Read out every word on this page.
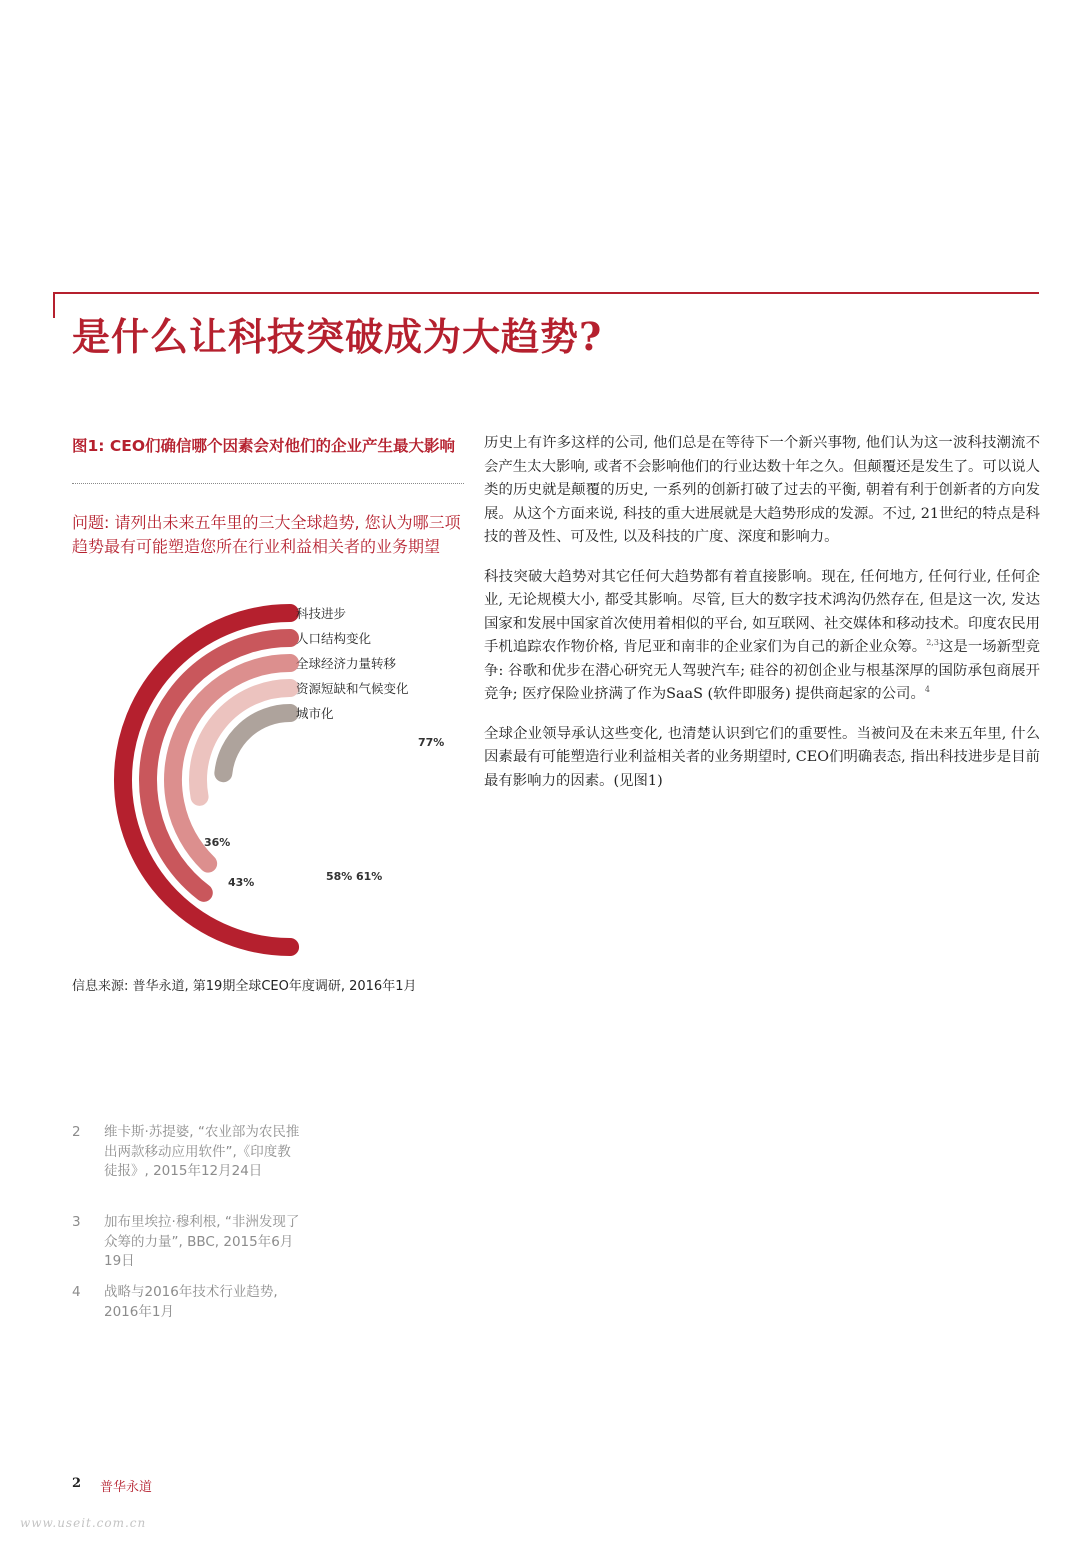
是什么让科技突破成为大趋势?
图1: CEO们确信哪个因素会对他们的企业产生最大影响

问题: 请列出未来五年里的三大全球趋势, 您认为哪三项趋势最有可能塑造您所在行业利益相关者的业务期望

科技进步
人口结构变化
全球经济力量转移
资源短缺和气候变化
城市化
77%
61%
58%
43%
36%

信息来源: 普华永道, 第19期全球CEO年度调研, 2016年1月

历史上有许多这样的公司, 他们总是在等待下一个新兴事物, 他们认为这一波科技潮流不会产生太大影响, 或者不会影响他们的行业达数十年之久。但颠覆还是发生了。可以说人类的历史就是颠覆的历史, 一系列的创新打破了过去的平衡, 朝着有利于创新者的方向发展。从这个方面来说, 科技的重大进展就是大趋势形成的发源。不过, 21世纪的特点是科技的普及性、可及性, 以及科技的广度、深度和影响力。

科技突破大趋势对其它任何大趋势都有着直接影响。现在, 任何地方, 任何行业, 任何企业, 无论规模大小, 都受其影响。尽管, 巨大的数字技术鸿沟仍然存在, 但是这一次, 发达国家和发展中国家首次使用着相似的平台, 如互联网、社交媒体和移动技术。印度农民用手机追踪农作物价格, 肯尼亚和南非的企业家们为自己的新企业众筹。$^{2,3}$这是一场新型竞争: 谷歌和优步在潜心研究无人驾驶汽车; 硅谷的初创企业与根基深厚的国防承包商展开竞争; 医疗保险业挤满了作为SaaS (软件即服务) 提供商起家的公司。$^4$

全球企业领导承认这些变化, 也清楚认识到它们的重要性。当被问及在未来五年里, 什么因素最有可能塑造行业利益相关者的业务期望时, CEO们明确表态, 指出科技进步是目前最有影响力的因素。(见图1)

2 维卡斯·苏提婆, “农业部为农民推出两款移动应用软件”,《印度教徒报》, 2015年12月24日
3 加布里埃拉·穆利根, “非洲发现了众筹的力量”, BBC, 2015年6月19日
4 战略与2016年技术行业趋势, 2016年1月
2 普华永道
www.useit.com.cn
